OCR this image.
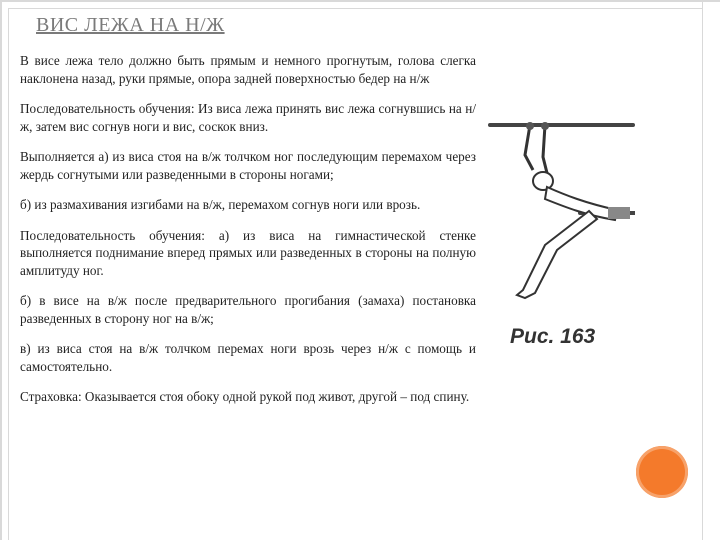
ВИС ЛЕЖА НА Н/Ж

В висе лежа тело должно быть прямым и немного прогнутым, голова слегка наклонена назад, руки прямые, опора задней поверхностью бедер на н/ж

Последовательность обучения: Из виса лежа принять вис лежа согнувшись на н/ж, затем вис согнув ноги и вис, соскок вниз.

Выполняется а) из виса стоя на в/ж толчком ног последующим перемахом через жердь согнутыми или разведенными в стороны ногами;

б) из размахивания изгибами на в/ж, перемахом согнув ноги или врозь.

Последовательность обучения: а) из виса на гимнастической стенке выполняется поднимание вперед прямых или разведенных в стороны на полную амплитуду ног.

б) в висе на в/ж после предварительного прогибания (замаха) постановка разведенных в сторону ног на в/ж;

в) из виса стоя на в/ж толчком перемах ноги врозь через н/ж с помощь и самостоятельно.

Страховка: Оказывается стоя обоку одной рукой под живот, другой – под спину.

Рис. 163
